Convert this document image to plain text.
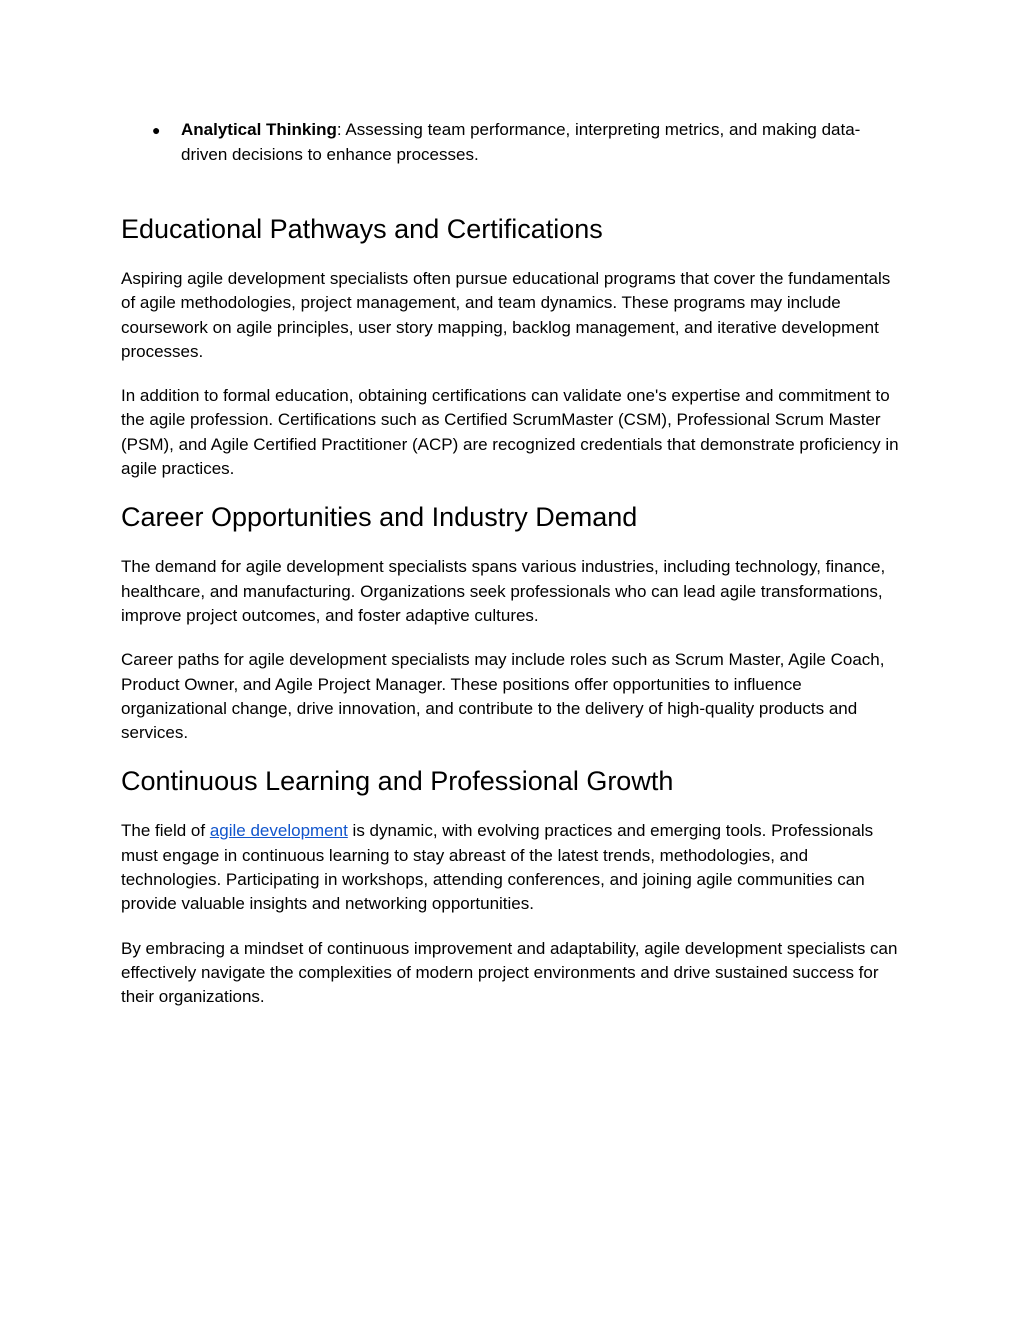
● Analytical Thinking: Assessing team performance, interpreting metrics, and making data-driven decisions to enhance processes.
Educational Pathways and Certifications

Aspiring agile development specialists often pursue educational programs that cover the fundamentals of agile methodologies, project management, and team dynamics. These programs may include coursework on agile principles, user story mapping, backlog management, and iterative development processes.

In addition to formal education, obtaining certifications can validate one's expertise and commitment to the agile profession. Certifications such as Certified ScrumMaster (CSM), Professional Scrum Master (PSM), and Agile Certified Practitioner (ACP) are recognized credentials that demonstrate proficiency in agile practices.

Career Opportunities and Industry Demand

The demand for agile development specialists spans various industries, including technology, finance, healthcare, and manufacturing. Organizations seek professionals who can lead agile transformations, improve project outcomes, and foster adaptive cultures.

Career paths for agile development specialists may include roles such as Scrum Master, Agile Coach, Product Owner, and Agile Project Manager. These positions offer opportunities to influence organizational change, drive innovation, and contribute to the delivery of high-quality products and services.

Continuous Learning and Professional Growth

The field of agile development is dynamic, with evolving practices and emerging tools. Professionals must engage in continuous learning to stay abreast of the latest trends, methodologies, and technologies. Participating in workshops, attending conferences, and joining agile communities can provide valuable insights and networking opportunities.

By embracing a mindset of continuous improvement and adaptability, agile development specialists can effectively navigate the complexities of modern project environments and drive sustained success for their organizations.
